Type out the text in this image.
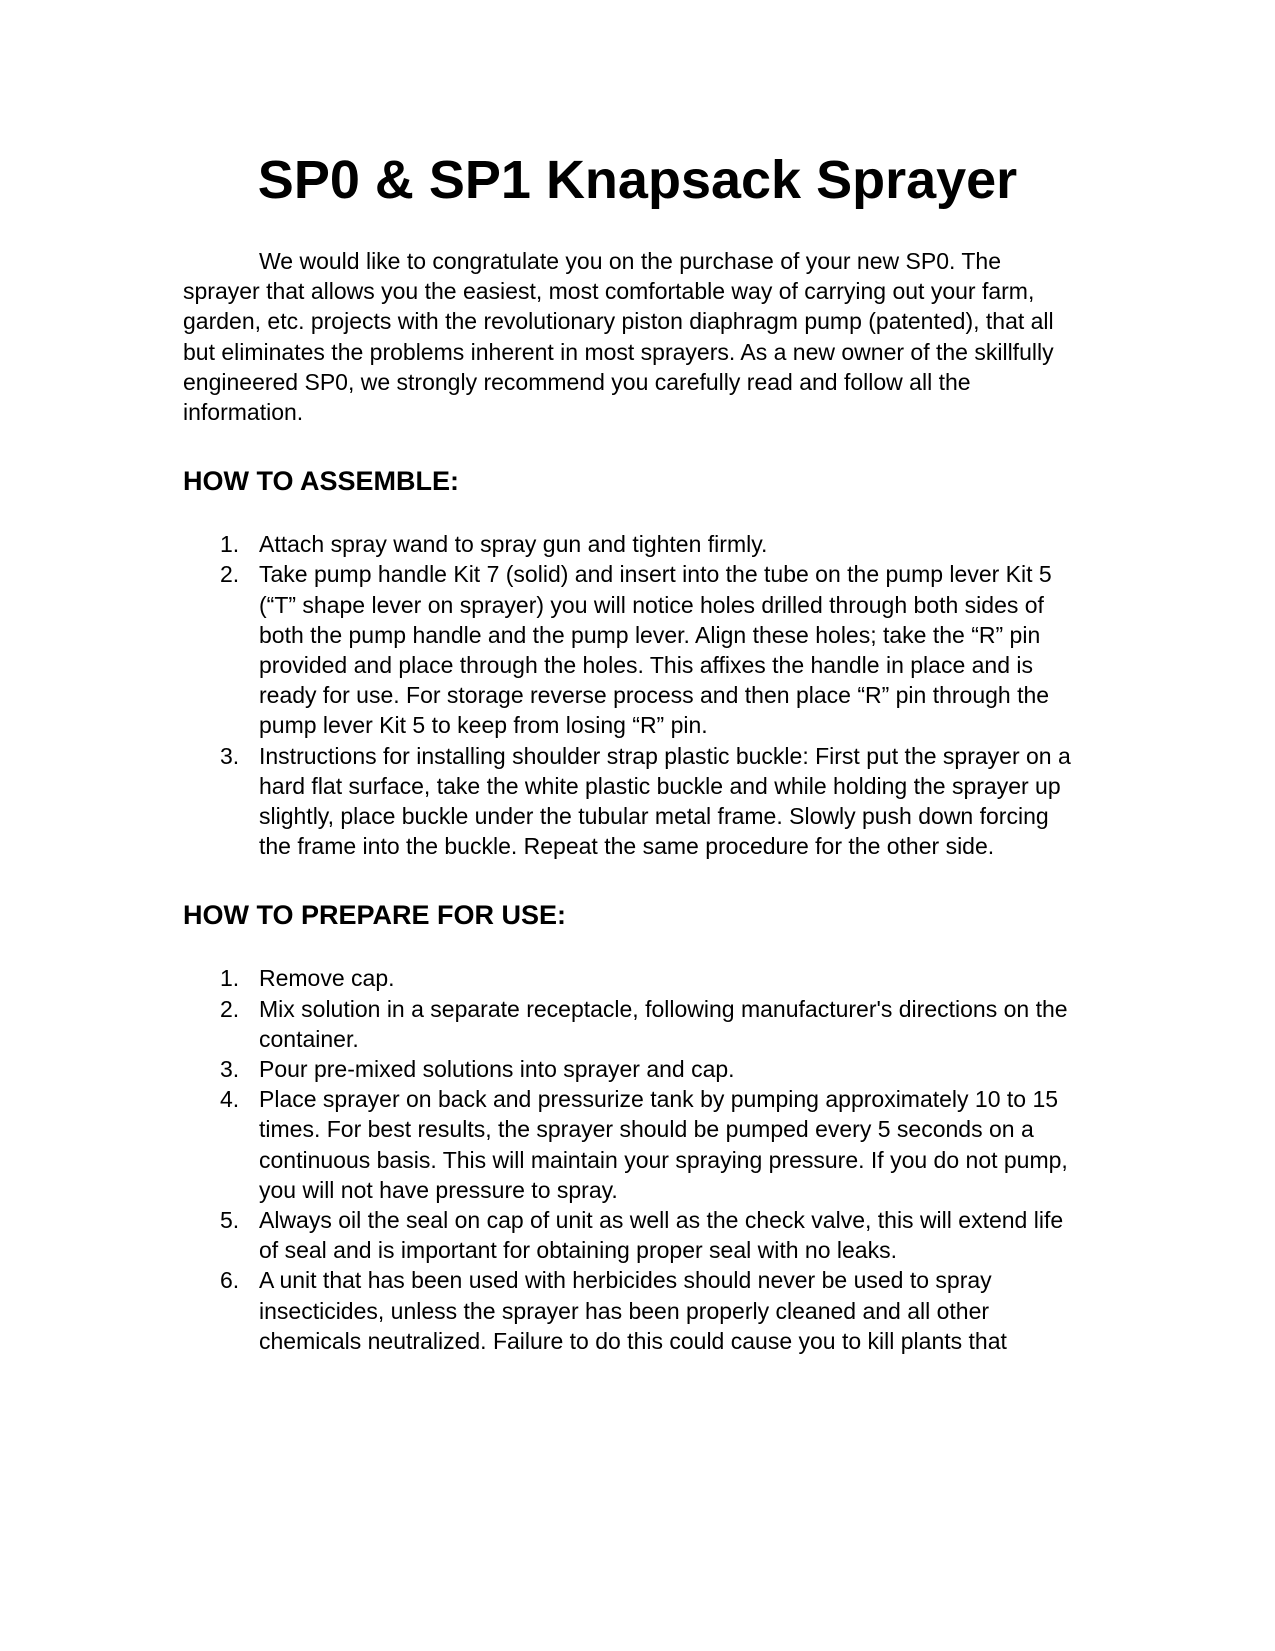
SP0 & SP1 Knapsack Sprayer

We would like to congratulate you on the purchase of your new SP0. The sprayer that allows you the easiest, most comfortable way of carrying out your farm, garden, etc. projects with the revolutionary piston diaphragm pump (patented), that all but eliminates the problems inherent in most sprayers. As a new owner of the skillfully engineered SP0, we strongly recommend you carefully read and follow all the information.

HOW TO ASSEMBLE:
1. Attach spray wand to spray gun and tighten firmly.
2. Take pump handle Kit 7 (solid) and insert into the tube on the pump lever Kit 5 (“T” shape lever on sprayer) you will notice holes drilled through both sides of both the pump handle and the pump lever. Align these holes; take the “R” pin provided and place through the holes. This affixes the handle in place and is ready for use. For storage reverse process and then place “R” pin through the pump lever Kit 5 to keep from losing “R” pin.
3. Instructions for installing shoulder strap plastic buckle: First put the sprayer on a hard flat surface, take the white plastic buckle and while holding the sprayer up slightly, place buckle under the tubular metal frame. Slowly push down forcing the frame into the buckle. Repeat the same procedure for the other side.
HOW TO PREPARE FOR USE:
1. Remove cap.
2. Mix solution in a separate receptacle, following manufacturer's directions on the container.
3. Pour pre-mixed solutions into sprayer and cap.
4. Place sprayer on back and pressurize tank by pumping approximately 10 to 15 times. For best results, the sprayer should be pumped every 5 seconds on a continuous basis. This will maintain your spraying pressure. If you do not pump, you will not have pressure to spray.
5. Always oil the seal on cap of unit as well as the check valve, this will extend life of seal and is important for obtaining proper seal with no leaks.
6. A unit that has been used with herbicides should never be used to spray insecticides, unless the sprayer has been properly cleaned and all other chemicals neutralized. Failure to do this could cause you to kill plants that
